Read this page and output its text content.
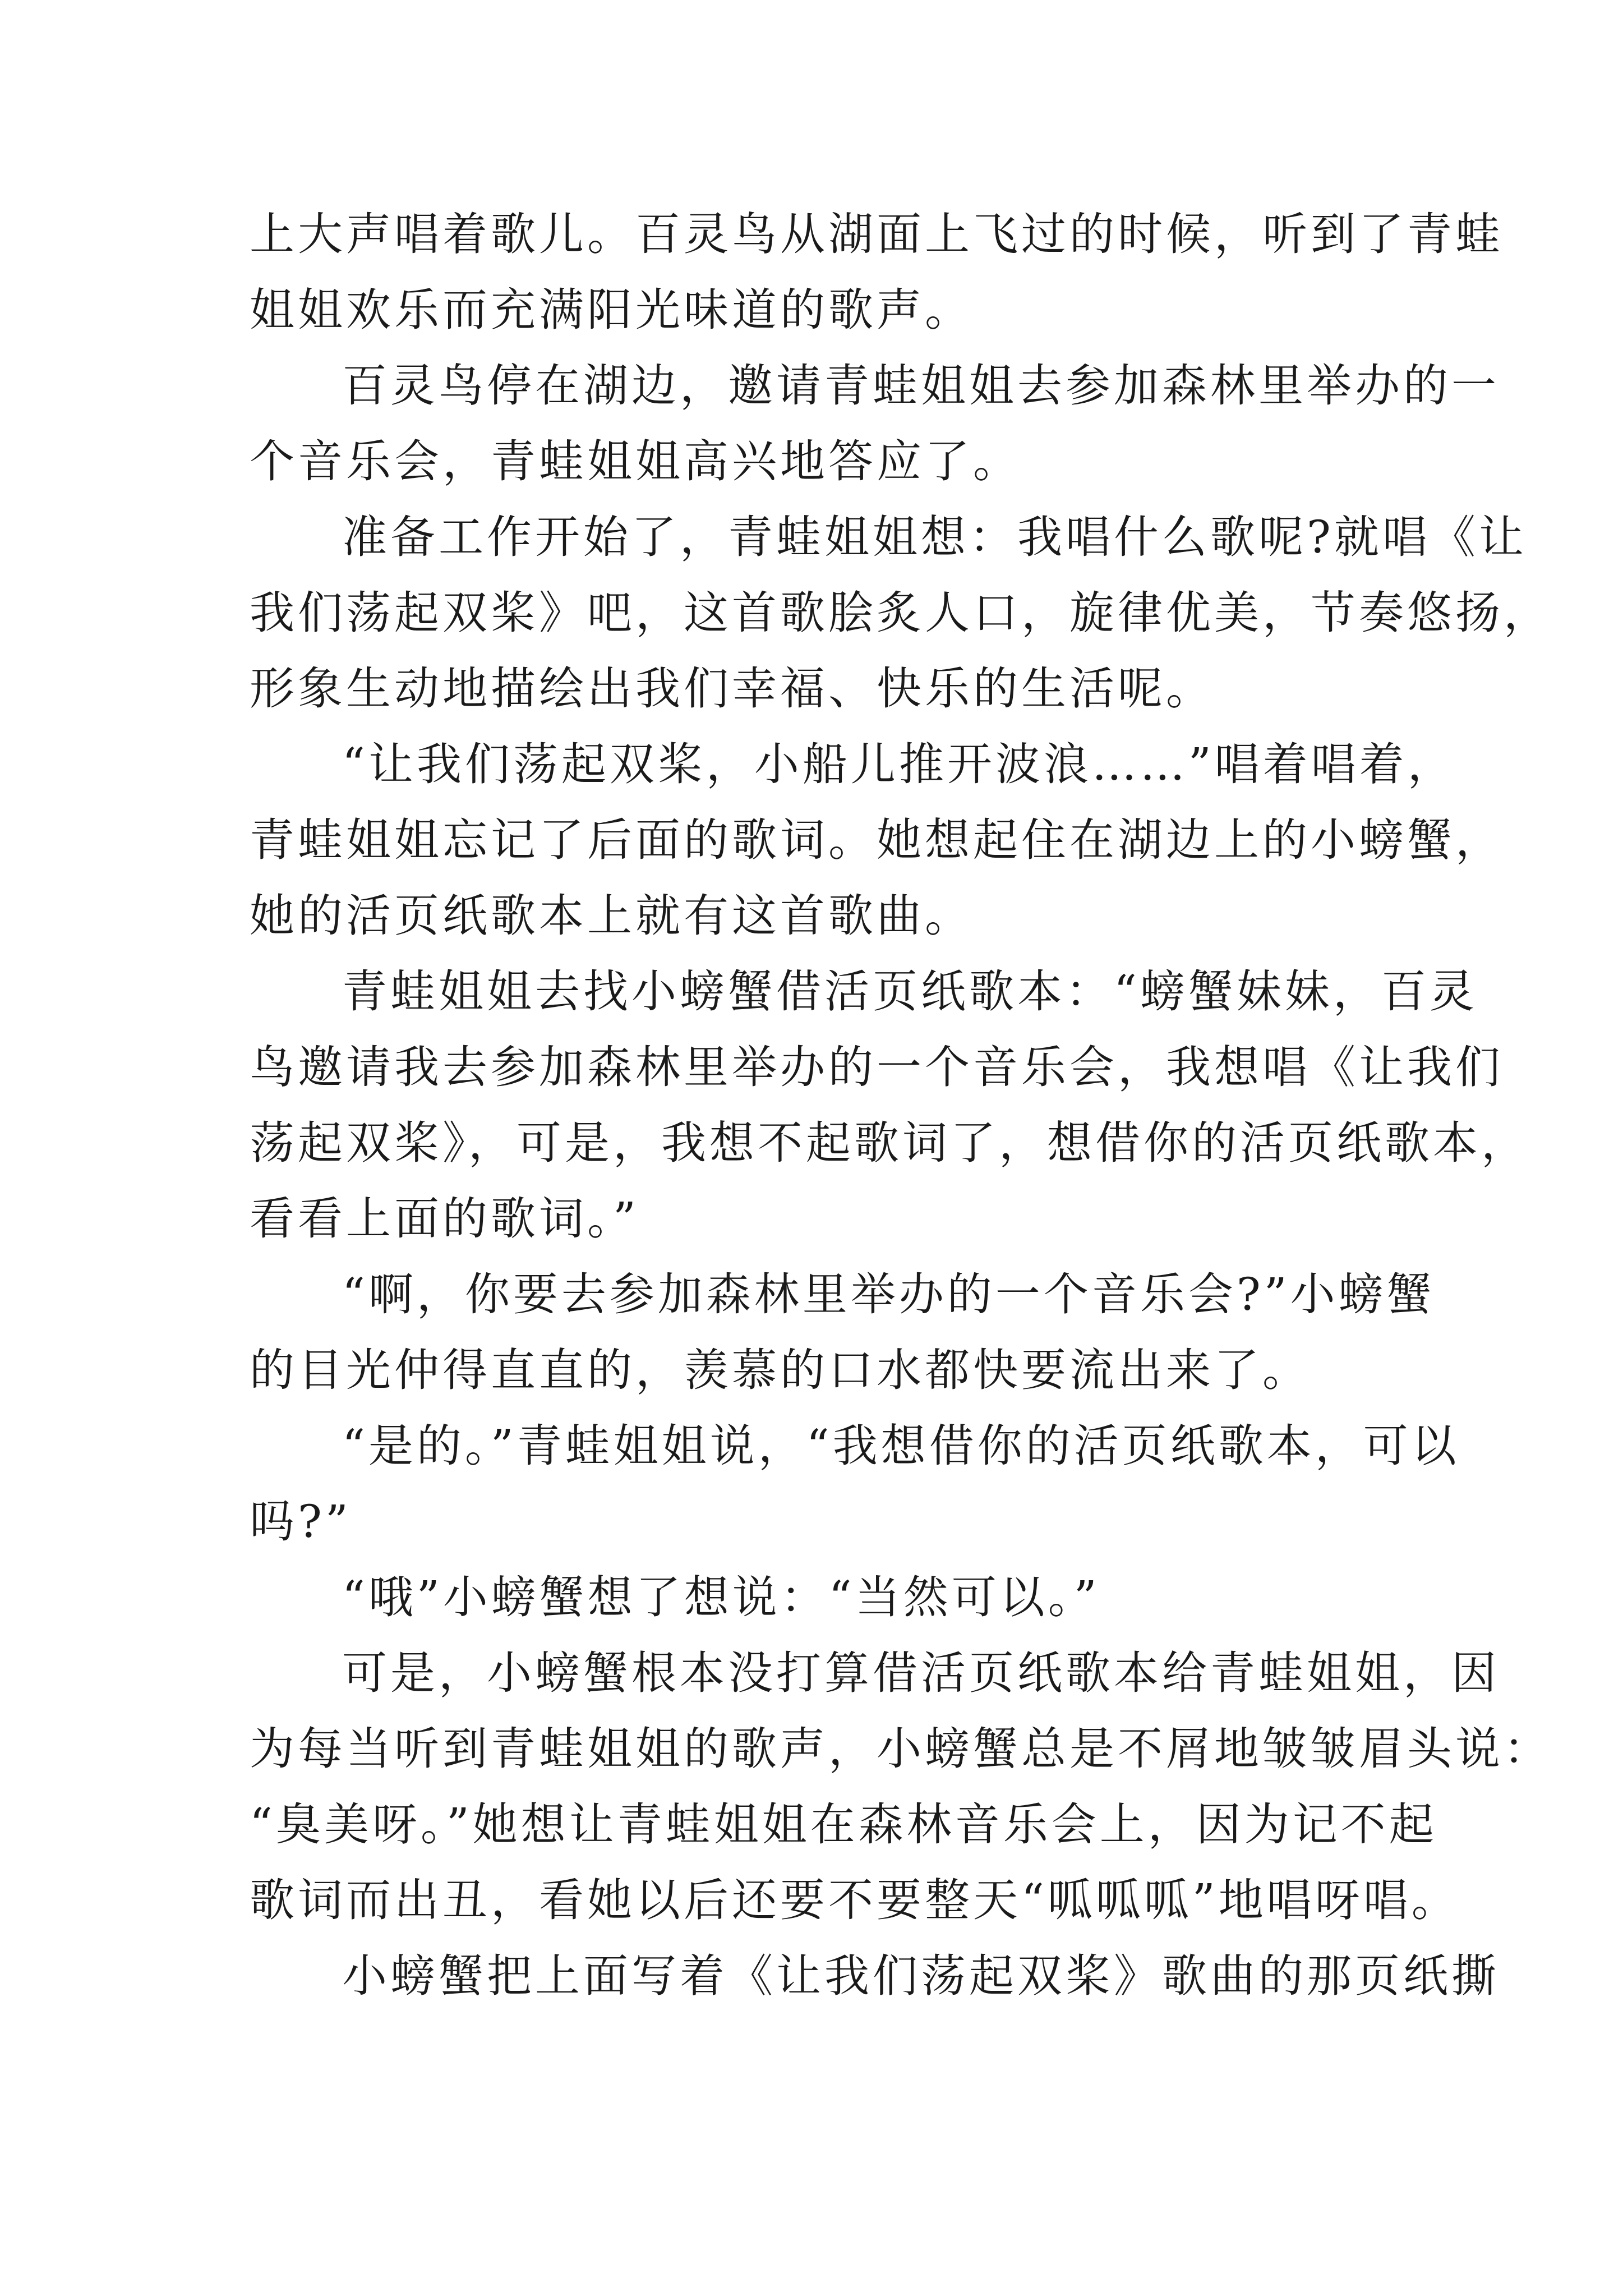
上大声唱着歌儿。百灵鸟从湖面上飞过的时候，听到了青蛙
姐姐欢乐而充满阳光味道的歌声。
百灵鸟停在湖边，邀请青蛙姐姐去参加森林里举办的一
个音乐会，青蛙姐姐高兴地答应了。
准备工作开始了，青蛙姐姐想：我唱什么歌呢?就唱《让
我们荡起双桨》吧，这首歌脍炙人口，旋律优美，节奏悠扬，
形象生动地描绘出我们幸福、快乐的生活呢。
“让我们荡起双桨，小船儿推开波浪……”唱着唱着，
青蛙姐姐忘记了后面的歌词。她想起住在湖边上的小螃蟹，
她的活页纸歌本上就有这首歌曲。
青蛙姐姐去找小螃蟹借活页纸歌本：“螃蟹妹妹，百灵
鸟邀请我去参加森林里举办的一个音乐会，我想唱《让我们
荡起双桨》，可是，我想不起歌词了，想借你的活页纸歌本，
看看上面的歌词。”
“啊，你要去参加森林里举办的一个音乐会?”小螃蟹
的目光仲得直直的，羡慕的口水都快要流出来了。
“是的。”青蛙姐姐说，“我想借你的活页纸歌本，可以
吗?”
“哦”小螃蟹想了想说：“当然可以。”
可是，小螃蟹根本没打算借活页纸歌本给青蛙姐姐，因
为每当听到青蛙姐姐的歌声，小螃蟹总是不屑地皱皱眉头说：
“臭美呀。”她想让青蛙姐姐在森林音乐会上，因为记不起
歌词而出丑，看她以后还要不要整天“呱呱呱”地唱呀唱。
小螃蟹把上面写着《让我们荡起双桨》歌曲的那页纸撕
